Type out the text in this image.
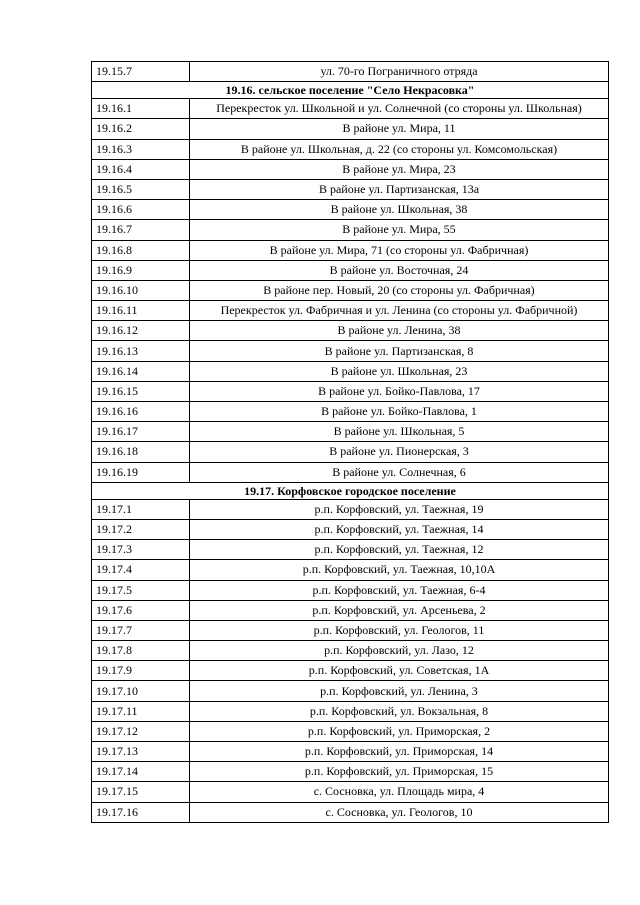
19.15.7	ул. 70-го Пограничного отряда
19.16. сельское поселение "Село Некрасовка"	
19.16.1	Перекресток ул. Школьной и ул. Солнечной (со стороны ул. Школьная)
19.16.2	В районе ул. Мира, 11
19.16.3	В районе ул. Школьная, д. 22 (со стороны ул. Комсомольская)
19.16.4	В районе ул. Мира, 23
19.16.5	В районе ул. Партизанская, 13а
19.16.6	В районе ул. Школьная, 38
19.16.7	В районе ул. Мира, 55
19.16.8	В районе ул. Мира, 71 (со стороны ул. Фабричная)
19.16.9	В районе ул. Восточная, 24
19.16.10	В районе пер. Новый, 20 (со стороны ул. Фабричная)
19.16.11	Перекресток ул. Фабричная и ул. Ленина (со стороны ул. Фабричной)
19.16.12	В районе ул. Ленина, 38
19.16.13	В районе ул. Партизанская, 8
19.16.14	В районе ул. Школьная, 23
19.16.15	В районе ул. Бойко-Павлова, 17
19.16.16	В районе ул. Бойко-Павлова, 1
19.16.17	В районе ул. Школьная, 5
19.16.18	В районе ул. Пионерская, 3
19.16.19	В районе ул. Солнечная, 6
19.17. Корфовское городское поселение	
19.17.1	р.п. Корфовский, ул. Таежная, 19
19.17.2	р.п. Корфовский, ул. Таежная, 14
19.17.3	р.п. Корфовский, ул. Таежная, 12
19.17.4	р.п. Корфовский, ул. Таежная, 10,10А
19.17.5	р.п. Корфовский, ул. Таежная, 6-4
19.17.6	р.п. Корфовский, ул. Арсеньева, 2
19.17.7	р.п. Корфовский, ул. Геологов, 11
19.17.8	р.п. Корфовский, ул. Лазо, 12
19.17.9	р.п. Корфовский, ул. Советская, 1А
19.17.10	р.п. Корфовский, ул. Ленина, 3
19.17.11	р.п. Корфовский, ул. Вокзальная, 8
19.17.12	р.п. Корфовский, ул. Приморская, 2
19.17.13	р.п. Корфовский, ул. Приморская, 14
19.17.14	р.п. Корфовский, ул. Приморская, 15
19.17.15	с. Сосновка, ул. Площадь мира, 4
19.17.16	с. Сосновка, ул. Геологов, 10
